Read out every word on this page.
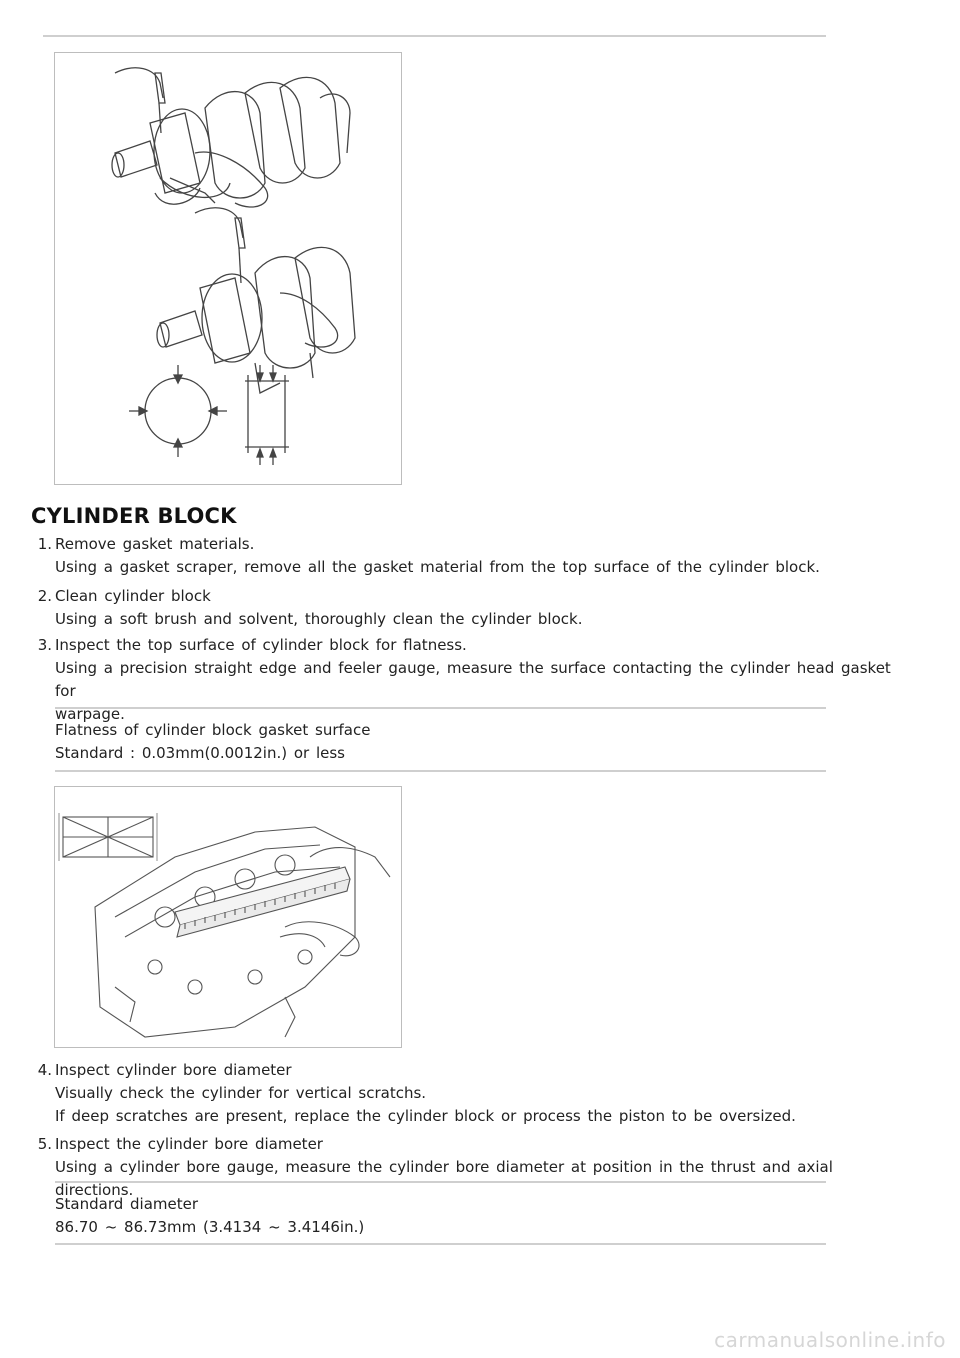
CYLINDER BLOCK
1. Remove gasket materials.

Using a gasket scraper, remove all the gasket material from the top surface of the cylinder block.

2. Clean cylinder block

Using a soft brush and solvent, thoroughly clean the cylinder block.

3. Inspect the top surface of cylinder block for flatness.

Using a precision straight edge and feeler gauge, measure the surface contacting the cylinder head gasket for

warpage.

Flatness of cylinder block gasket surface

Standard : 0.03mm(0.0012in.) or less

4. Inspect cylinder bore diameter

Visually check the cylinder for vertical scratchs.

If deep scratches are present, replace the cylinder block or process the piston to be oversized.

5. Inspect the cylinder bore diameter

Using a cylinder bore gauge, measure the cylinder bore diameter at position in the thrust and axial directions.

Standard diameter

86.70 ~ 86.73mm (3.4134 ~ 3.4146in.)

carmanualsonline.info
